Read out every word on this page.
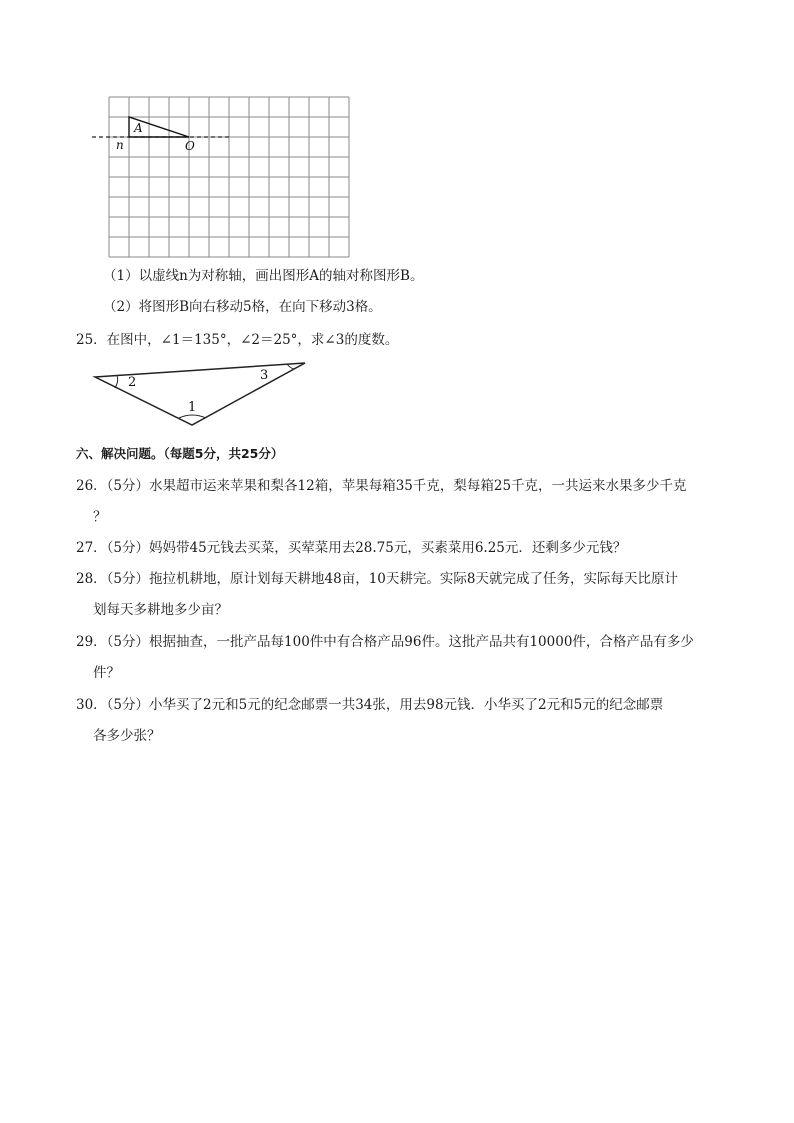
A
n	O
（1）以虚线n为对称轴，画出图形A的轴对称图形B。
（2）将图形B向右移动5格，在向下移动3格。
25．在图中，∠1＝135°，∠2＝25°，求∠3的度数。
2	3
1
六、解决问题。（每题5分，共25分）
26．（5分）水果超市运来苹果和梨各12箱，苹果每箱35千克，梨每箱25千克，一共运来水果多少千克
？
27．（5分）妈妈带45元钱去买菜，买荤菜用去28.75元，买素菜用6.25元．还剩多少元钱？
28．（5分）拖拉机耕地，原计划每天耕地48亩，10天耕完。实际8天就完成了任务，实际每天比原计
划每天多耕地多少亩？
29．（5分）根据抽查，一批产品每100件中有合格产品96件。这批产品共有10000件，合格产品有多少
件？
30．（5分）小华买了2元和5元的纪念邮票一共34张，用去98元钱．小华买了2元和5元的纪念邮票
各多少张？
